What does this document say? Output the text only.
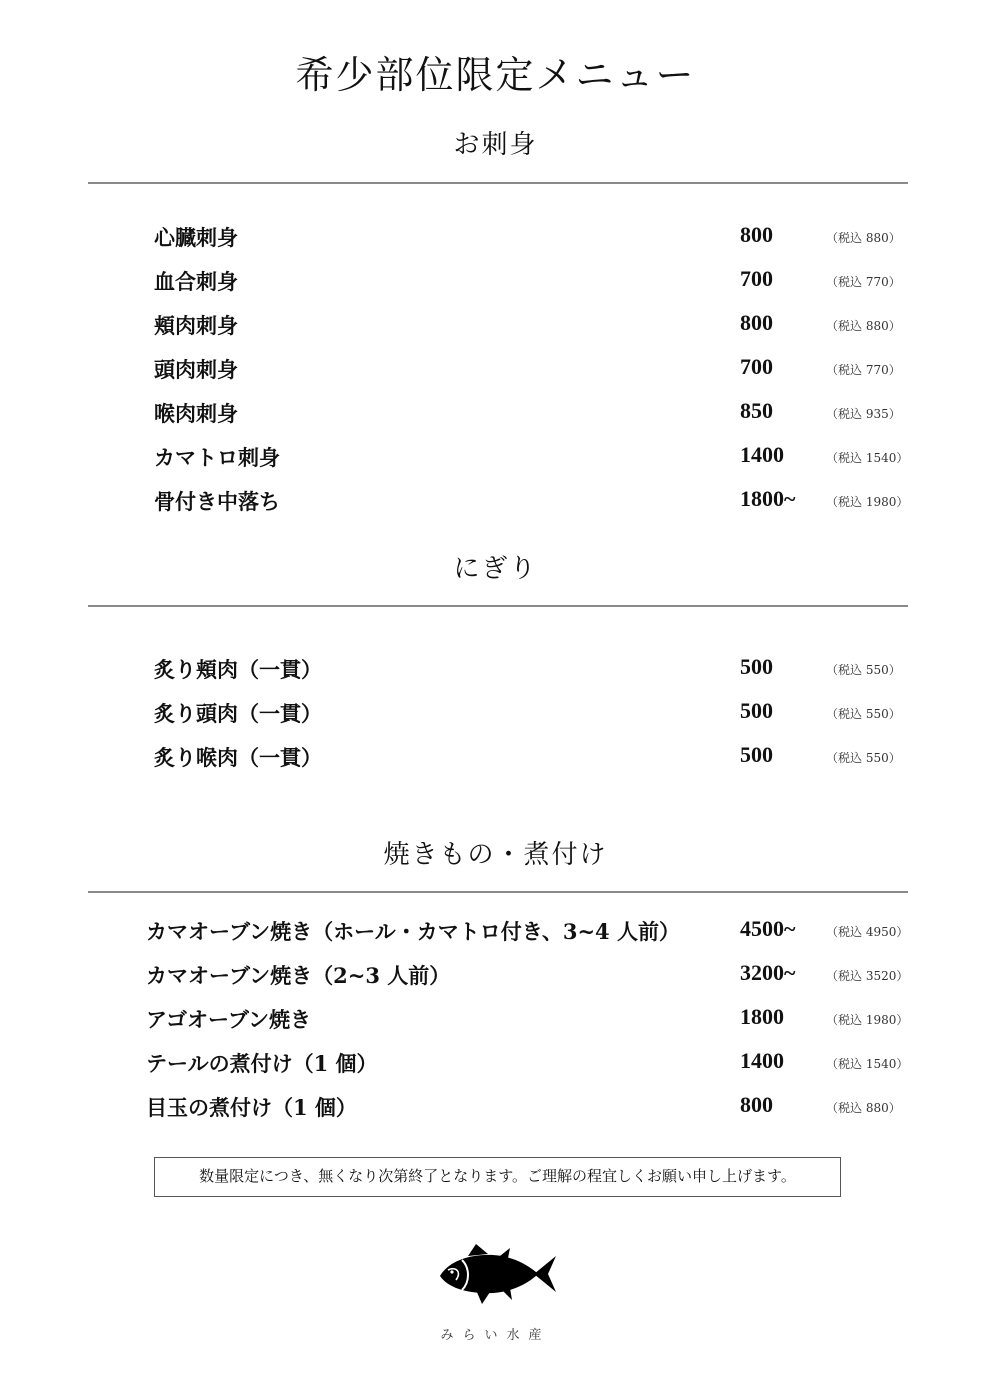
希少部位限定メニュー
お刺身
心臓刺身	800	（税込 880）
血合刺身	700	（税込 770）
頬肉刺身	800	（税込 880）
頭肉刺身	700	（税込 770）
喉肉刺身	850	（税込 935）
カマトロ刺身	1400	（税込 1540）
骨付き中落ち	1800~	（税込 1980）
にぎり
炙り頬肉（一貫）	500	（税込 550）
炙り頭肉（一貫）	500	（税込 550）
炙り喉肉（一貫）	500	（税込 550）
焼きもの・煮付け
カマオーブン焼き（ホール・カマトロ付き、3~4 人前）	4500~	（税込 4950）
カマオーブン焼き（2~3 人前）	3200~	（税込 3520）
アゴオーブン焼き	1800	（税込 1980）
テールの煮付け（1 個）	1400	（税込 1540）
目玉の煮付け（1 個）	800	（税込 880）
数量限定につき、無くなり次第終了となります。ご理解の程宜しくお願い申し上げます。
みらい水産
